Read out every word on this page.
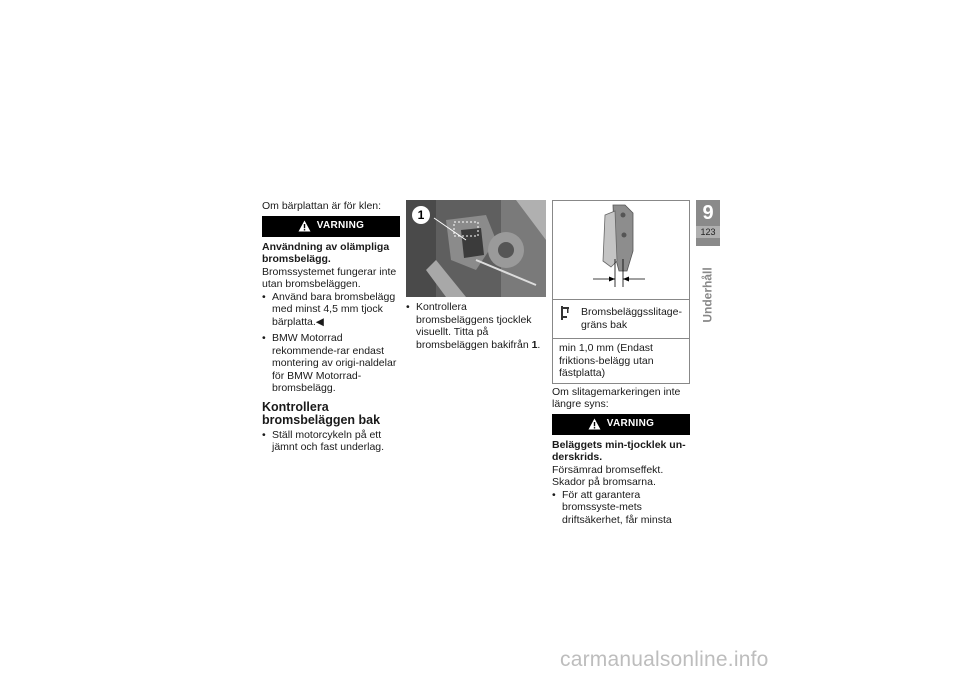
Om bärplattan är för klen:

VARNING

Användning av olämpliga bromsbelägg.

Bromssystemet fungerar inte utan bromsbeläggen.

• Använd bara bromsbelägg med minst 4,5 mm tjock bärplatta.◀

• BMW Motorrad rekommende-rar endast montering av origi-naldelar för BMW Motorrad-bromsbelägg.

Kontrollera bromsbeläggen bak

• Ställ motorcykeln på ett jämnt och fast underlag.

1

• Kontrollera bromsbeläggens tjocklek visuellt. Titta på bromsbeläggen bakifrån 1.

Bromsbeläggsslitage-gräns bak
min 1,0 mm (Endast friktions-belägg utan fästplatta)

Om slitagemarkeringen inte längre syns:

VARNING

Beläggets min-tjocklek un-derskrids.

Försämrad bromseffekt. Skador på bromsarna.

• För att garantera bromssyste-mets driftsäkerhet, får minsta

9
123
Underhåll
carmanualsonline.info
